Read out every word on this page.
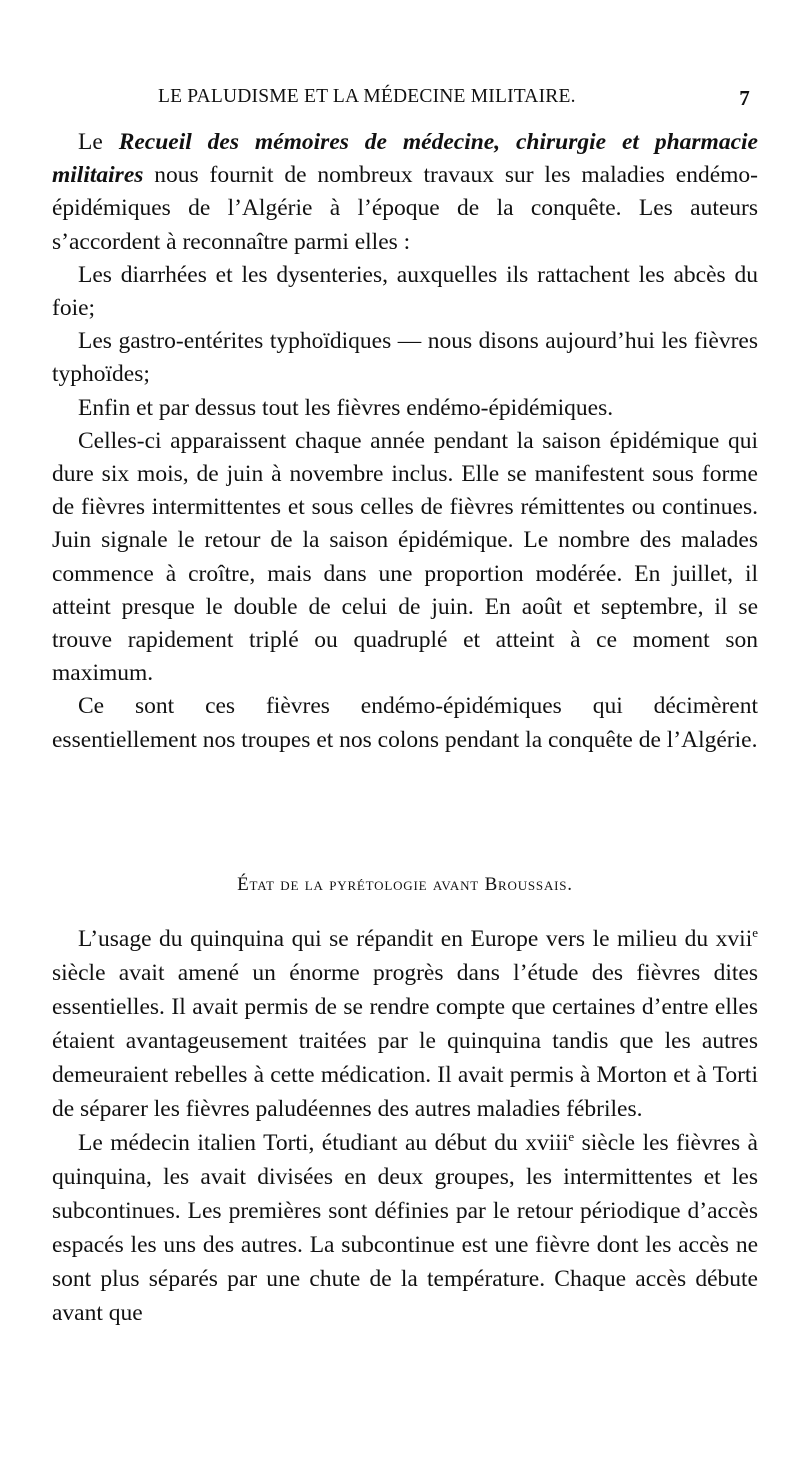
LE PALUDISME ET LA MÉDECINE MILITAIRE.	7

Le Recueil des mémoires de médecine, chirurgie et pharmacie militaires nous fournit de nombreux travaux sur les maladies endémo-épidémiques de l’Algérie à l’époque de la conquête. Les auteurs s’accordent à reconnaître parmi elles :

Les diarrhées et les dysenteries, auxquelles ils rattachent les abcès du foie;

Les gastro-entérites typhoïdiques — nous disons aujourd’hui les fièvres typhoïdes;

Enfin et par dessus tout les fièvres endémo-épidémiques.

Celles-ci apparaissent chaque année pendant la saison épidémique qui dure six mois, de juin à novembre inclus. Elle se manifestent sous forme de fièvres intermittentes et sous celles de fièvres rémittentes ou continues. Juin signale le retour de la saison épidémique. Le nombre des malades commence à croître, mais dans une proportion modérée. En juillet, il atteint presque le double de celui de juin. En août et septembre, il se trouve rapidement triplé ou quadruplé et atteint à ce moment son maximum.

Ce sont ces fièvres endémo-épidémiques qui décimèrent essentiellement nos troupes et nos colons pendant la conquête de l’Algérie.

État de la pyrétologie avant Broussais.

L’usage du quinquina qui se répandit en Europe vers le milieu du xvii$^e$ siècle avait amené un énorme progrès dans l’étude des fièvres dites essentielles. Il avait permis de se rendre compte que certaines d’entre elles étaient avantageusement traitées par le quinquina tandis que les autres demeuraient rebelles à cette médication. Il avait permis à Morton et à Torti de séparer les fièvres paludéennes des autres maladies fébriles.

Le médecin italien Torti, étudiant au début du xviii$^e$ siècle les fièvres à quinquina, les avait divisées en deux groupes, les intermittentes et les subcontinues. Les premières sont définies par le retour périodique d’accès espacés les uns des autres. La subcontinue est une fièvre dont les accès ne sont plus séparés par une chute de la température. Chaque accès débute avant que
